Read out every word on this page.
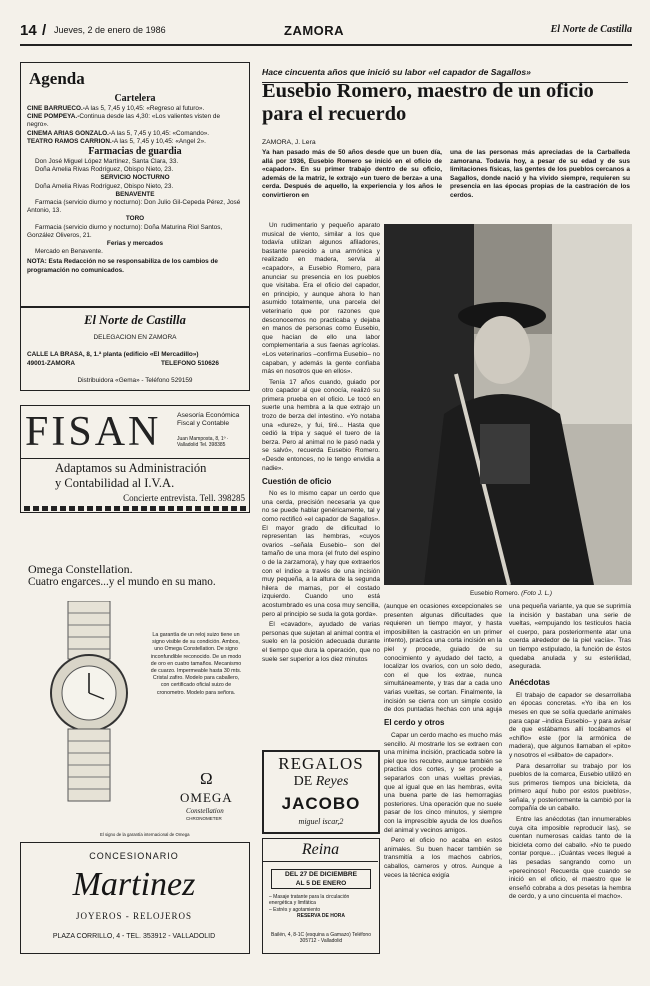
14 / Jueves, 2 de enero de 1986	ZAMORA	El Norte de Castilla
Agenda
Cartelera
CINE BARRUECO.-A las 5, 7,45 y 10,45: «Regreso al futuro».
CINE POMPEYA.-Continua desde las 4,30: «Los valientes visten de negro».
CINEMA ARIAS GONZALO.-A las 5, 7,45 y 10,45: «Comando».
TEATRO RAMOS CARRION.-A las 5, 7,45 y 10,45: «Angel 2».
Farmacias de guardia
Don José Miguel López Martínez, Santa Clara, 33.
Doña Amelia Rivas Rodríguez, Obispo Nieto, 23.
SERVICIO NOCTURNO
Doña Amelia Rivas Rodríguez, Obispo Nieto, 23.
BENAVENTE
Farmacia (servicio diurno y nocturno): Don Julio Gil-Cepeda Pérez, José Antonio, 13.
TORO
Farmacia (servicio diurno y nocturno): Doña Maturina Riol Santos, González Oliveros, 21.
Ferias y mercados
Mercado en Benavente.
NOTA: Esta Redacción no se responsabiliza de los cambios de programación no comunicados.
El Norte de Castilla
DELEGACION EN ZAMORA
CALLE LA BRASA, 8, 1.ª planta (edificio «El Mercadillo»)
49001-ZAMORA	TELEFONO 510626
Distribuidora «Gema» - Teléfono 529159
FISAN Asesoría Económica Fiscal y Contable
Juan Mamposta, 8, 1º · Valladolid Tel. 398385
Adaptamos su Administración
y Contabilidad al I.V.A.
Concierte entrevista. Tell. 398285
Omega Constellation.
Cuatro engarces...y el mundo en su mano.
La garantía de un reloj suizo tiene un signo visible de su condición. Ambos, uno Omega Constellation. De signo inconfundible reconocido. De un modo de oro en cuatro tamaños. Mecanismo de cuarzo. Impermeable hasta 30 mts. Cristal zafiro. Modelo para caballero, con certificado oficial suizo de cronometro. Modelo para señora.
Ω
OMEGA
Constellation
CHRONOMETER
El signo de la garantía internacional de Omega
CONCESIONARIO
Martinez
JOYEROS - RELOJEROS
PLAZA CORRILLO, 4 - TEL. 353912 - VALLADOLID
Hace cincuenta años que inició su labor «el capador de Sagallos»
Eusebio Romero, maestro de un oficio
para el recuerdo
ZAMORA, J. Lera
Ya han pasado más de 50 años desde que un buen día, allá por 1936, Eusebio Romero se inició en el oficio de «capador». En su primer trabajo dentro de su oficio, además de la matriz, le extrajo «un tuero de berza» a una cerda. Después de aquello, la experiencia y los años le convirtieron en
una de las personas más apreciadas de la Carballeda zamorana. Todavía hoy, a pesar de su edad y de sus limitaciones físicas, las gentes de los pueblos cercanos a Sagallos, donde nació y ha vivido siempre, requieren su presencia en las épocas propias de la castración de los cerdos.

Un rudimentario y pequeño aparato musical de viento, similar a los que todavía utilizan algunos afiladores, bastante parecido a una armónica y realizado en madera, servía al «capador», a Eusebio Romero, para anunciar su presencia en los pueblos que visitaba. Era el oficio del capador, en principio, y aunque ahora lo han asumido totalmente, una parcela del veterinario que por razones que desconocemos no practicaba y dejaba en manos de personas como Eusebio, que hacían de ello una labor complementaria a sus faenas agrícolas. «Los veterinarios –confirma Eusebio– no capaban, y además la gente confiaba más en nosotros que en ellos».

Tenía 17 años cuando, guiado por otro capador al que conocía, realizó su primera prueba en el oficio. Le tocó en suerte una hembra a la que extrajo un trozo de berza del intestino. «Yo notaba una «durez», y fui, tiré... Hasta que cedió la tripa y saqué el tuero de la berza. Pero al animal no le pasó nada y se salvó», recuerda Eusebio Romero. «Desde entonces, no le tengo envidia a nadie».

Cuestión de oficio

No es lo mismo capar un cerdo que una cerda, precisión necesaria ya que no se puede hablar genéricamente, tal y como rectificó «el capador de Sagallos». El mayor grado de dificultad lo representan las hembras, «cuyos ovarios –señala Eusebio– son del tamaño de una mora (el fruto del espino o de la zarzamora), y hay que extraerlos con el índice a través de una incisión muy pequeña, a la altura de la segunda hilera de mamas, por el costado izquierdo. Cuando uno está acostumbrado es una cosa muy sencilla, pero al principio se suda la gota gorda».

El «cavador», ayudado de varias personas que sujetan al animal contra el suelo en la posición adecuada durante el tiempo que dura la operación, que no suele ser superior a los diez minutos

Eusebio Romero. (Foto J. L.)

(aunque en ocasiones excepcionales se presenten algunas dificultades que requieren un tiempo mayor, y hasta imposibiliten la castración en un primer intento), practica una corta incisión en la piel y procede, guiado de su conocimiento y ayudado del tacto, a localizar los ovarios, con un solo dedo, con el que los extrae, nunca simultáneamente, y tras dar a cada uno varias vueltas, se cortan. Finalmente, la incisión se cierra con un simple cosido de dos puntadas hechas con una aguja

El cerdo y otros

Capar un cerdo macho es mucho más sencillo. Al mostrarle los se extraen con una mínima incisión, practicada sobre la piel que los recubre, aunque también se practica dos cortes, y se procede a separarlos con unas vueltas previas, que al igual que en las hembras, evita una buena parte de las hemorragias posteriores. Una operación que no suele pasar de los cinco minutos, y siempre con la imprescible ayuda de los dueños del animal y vecinos amigos.

Pero el oficio no acaba en estos animales. Su buen hacer también se transmitía a los machos cabríos, caballos, carneros y otros. Aunque a veces la técnica exigía

una pequeña variante, ya que se suprimía la incisión y bastaban una serie de vueltas, «empujando los testículos hacia el cuerpo, para posteriormente atar una cuerda alrededor de la piel vacía». Tras un tiempo estipulado, la función de éstos quedaba anulada y su esterilidad, asegurada.

Anécdotas

El trabajo de capador se desarrollaba en épocas concretas. «Yo iba en los meses en que se solía quedarle animales para capar –indica Eusebio– y para avisar de que estábamos allí tocábamos el «chiflo» este (por la armónica de madera), que algunos llamaban el «pito» y nosotros el «silbato» de capador».

Para desarrollar su trabajo por los pueblos de la comarca, Eusebio utilizó en sus primeros tiempos una bicicleta, da primero aquí hubo por estos pueblos», señala, y posteriormente la cambió por la compañía de un caballo.

Entre las anécdotas (tan innumerables cuya cita imposible reproducir las), se cuentan numerosas caídas tanto de la bicicleta como del caballo. «No te puedo contar porque... ¡Cuántas veces llegué a las pesadas sangrando como un «perecinoso! Recuerda que cuando se inició en el oficio, el maestro que le enseñó cobraba a dos pesetas la hembra de cerdo, y a uno cincuenta el macho».

REGALOS
DE Reyes
JACOBO
miguel iscar,2
Reina
DEL 27 DE DICIEMBRE
AL 5 DE ENERO
– Masaje tratante para la circulación energética y limfática
– Estrés y agotamiento
RESERVA DE HORA
Bailén, 4, 8-1C (esquina a Gamazo) Teléfono 305712 - Valladolid
